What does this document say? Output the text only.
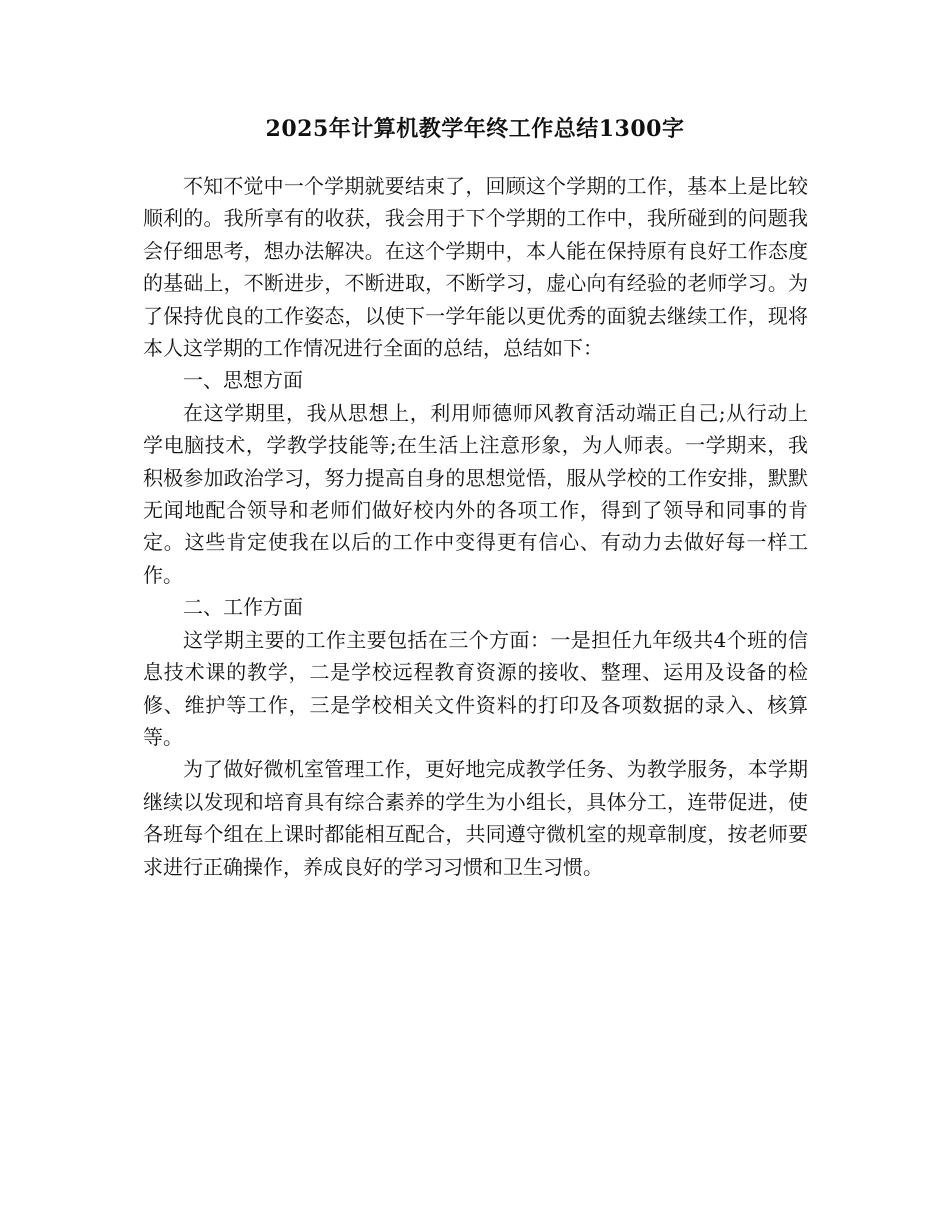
2025年计算机教学年终工作总结1300字

不知不觉中一个学期就要结束了，回顾这个学期的工作，基本上是比较顺利的。我所享有的收获，我会用于下个学期的工作中，我所碰到的问题我会仔细思考，想办法解决。在这个学期中，本人能在保持原有良好工作态度的基础上，不断进步，不断进取，不断学习，虚心向有经验的老师学习。为了保持优良的工作姿态，以使下一学年能以更优秀的面貌去继续工作，现将本人这学期的工作情况进行全面的总结，总结如下：

一、思想方面

在这学期里，我从思想上，利用师德师风教育活动端正自己;从行动上学电脑技术，学教学技能等;在生活上注意形象，为人师表。一学期来，我积极参加政治学习，努力提高自身的思想觉悟，服从学校的工作安排，默默无闻地配合领导和老师们做好校内外的各项工作，得到了领导和同事的肯定。这些肯定使我在以后的工作中变得更有信心、有动力去做好每一样工作。

二、工作方面

这学期主要的工作主要包括在三个方面：一是担任九年级共4个班的信息技术课的教学，二是学校远程教育资源的接收、整理、运用及设备的检修、维护等工作，三是学校相关文件资料的打印及各项数据的录入、核算等。

为了做好微机室管理工作，更好地完成教学任务、为教学服务，本学期继续以发现和培育具有综合素养的学生为小组长，具体分工，连带促进，使各班每个组在上课时都能相互配合，共同遵守微机室的规章制度，按老师要求进行正确操作，养成良好的学习习惯和卫生习惯。
